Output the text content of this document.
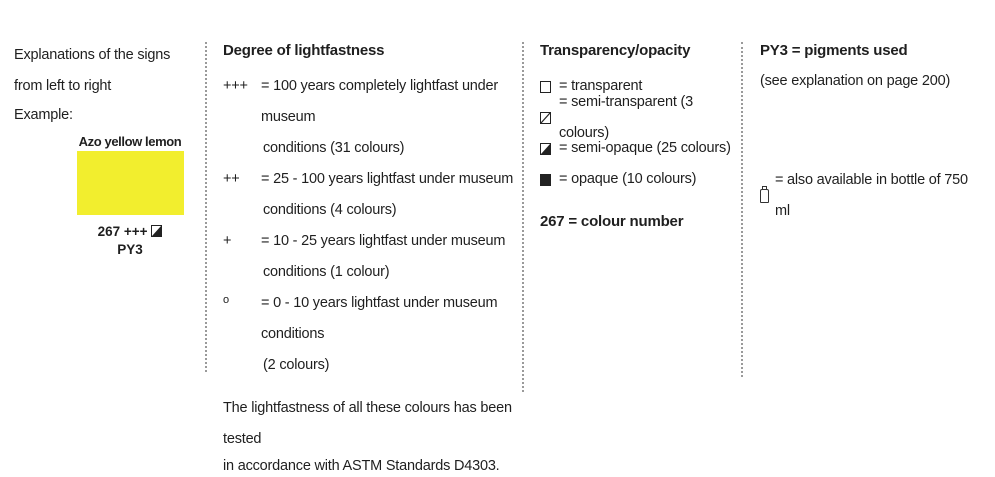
Explanations of the signs
from left to right
Example:
Azo yellow lemon
267 +++
PY3
Degree of lightfastness
+++ = 100 years completely lightfast under museum
conditions (31 colours)
++	= 25 - 100 years lightfast under museum
conditions (4 colours)
+	= 10 - 25 years lightfast under museum
conditions (1 colour)
o	= 0 - 10 years lightfast under museum conditions
(2 colours)
The lightfastness of all these colours has been tested
in accordance with ASTM Standards D4303.
Transparency/opacity
= transparent
= semi-transparent (3 colours)
= semi-opaque (25 colours)
= opaque (10 colours)
267 = colour number
PY3 = pigments used
(see explanation on page 200)
= also available in bottle of 750 ml
